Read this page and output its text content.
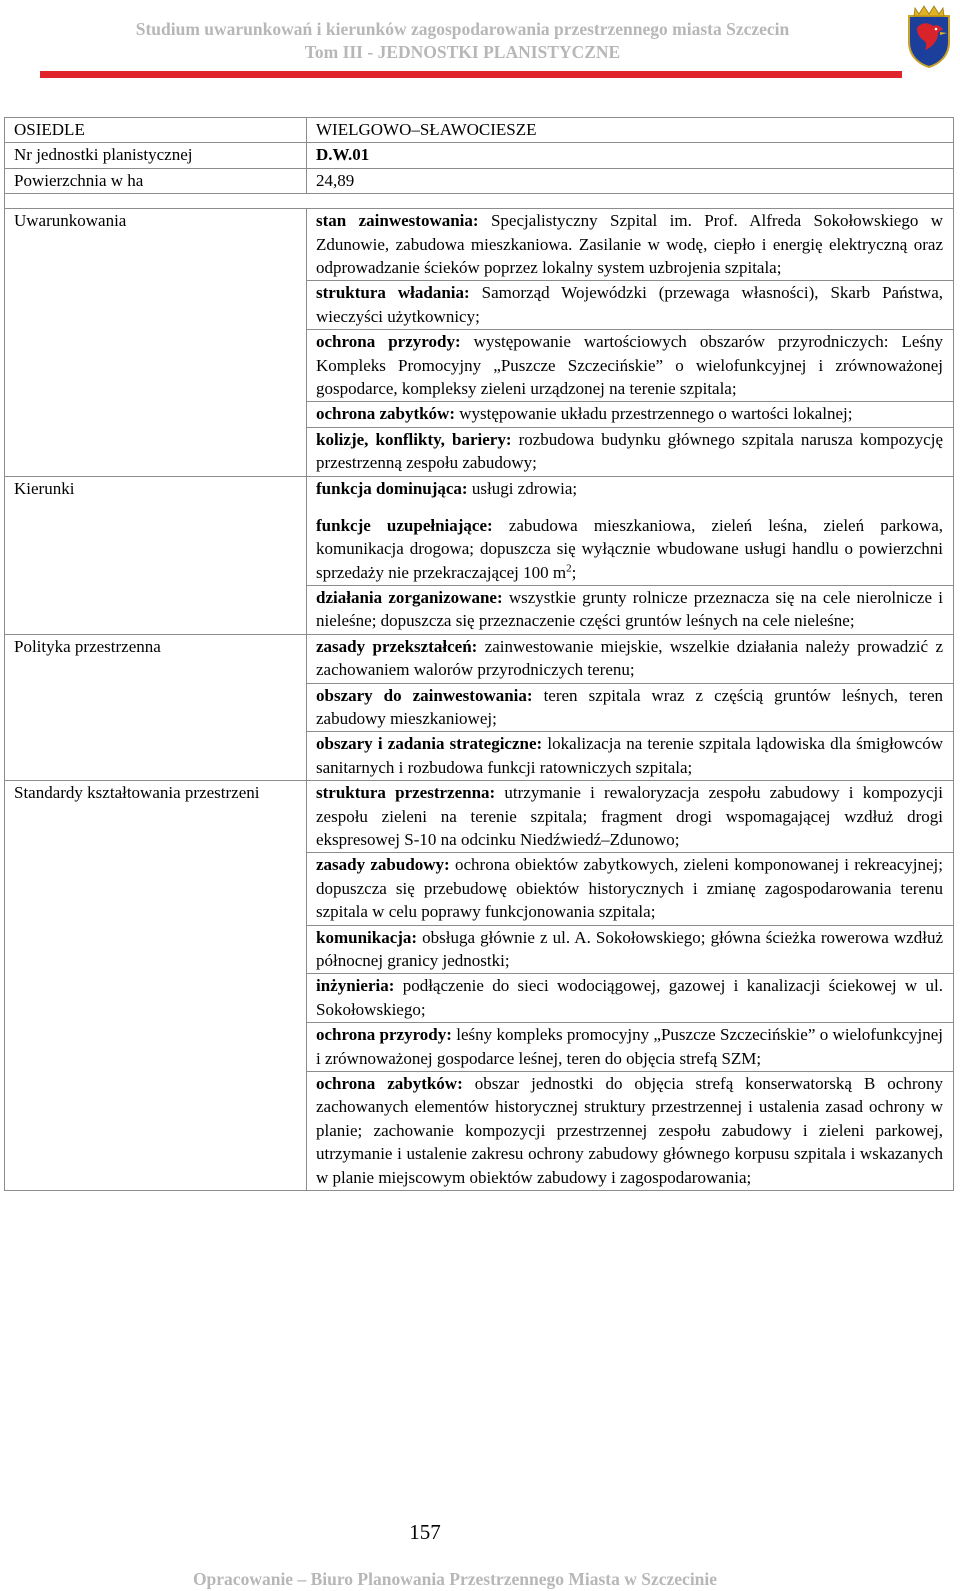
Studium uwarunkowań i kierunków zagospodarowania przestrzennego miasta Szczecin
Tom III - JEDNOSTKI PLANISTYCZNE
OSIEDLE	WIELGOWO–SŁAWOCIESZE
Nr jednostki planistycznej	D.W.01
Powierzchnia w ha	24,89

Uwarunkowania	stan zainwestowania: Specjalistyczny Szpital im. Prof. Alfreda Sokołowskiego w Zdunowie, zabudowa mieszkaniowa. Zasilanie w wodę, ciepło i energię elektryczną oraz odprowadzanie ścieków poprzez lokalny system uzbrojenia szpitala;
	struktura władania: Samorząd Wojewódzki (przewaga własności), Skarb Państwa, wieczyści użytkownicy;
	ochrona przyrody: występowanie wartościowych obszarów przyrodniczych: Leśny Kompleks Promocyjny „Puszcze Szczecińskie” o wielofunkcyjnej i zrównoważonej gospodarce, kompleksy zieleni urządzonej na terenie szpitala;
	ochrona zabytków: występowanie układu przestrzennego o wartości lokalnej;
	kolizje, konflikty, bariery: rozbudowa budynku głównego szpitala narusza kompozycję przestrzenną zespołu zabudowy;
Kierunki	funkcja dominująca: usługi zdrowia;
	funkcje uzupełniające: zabudowa mieszkaniowa, zieleń leśna, zieleń parkowa, komunikacja drogowa; dopuszcza się wyłącznie wbudowane usługi handlu o powierzchni sprzedaży nie przekraczającej 100 $m^2$;
	działania zorganizowane: wszystkie grunty rolnicze przeznacza się na cele nierolnicze i nieleśne; dopuszcza się przeznaczenie części gruntów leśnych na cele nieleśne;
Polityka przestrzenna	zasady przekształceń: zainwestowanie miejskie, wszelkie działania należy prowadzić z zachowaniem walorów przyrodniczych terenu;
	obszary do zainwestowania: teren szpitala wraz z częścią gruntów leśnych, teren zabudowy mieszkaniowej;
	obszary i zadania strategiczne: lokalizacja na terenie szpitala lądowiska dla śmigłowców sanitarnych i rozbudowa funkcji ratowniczych szpitala;
Standardy kształtowania przestrzeni	struktura przestrzenna: utrzymanie i rewaloryzacja zespołu zabudowy i kompozycji zespołu zieleni na terenie szpitala; fragment drogi wspomagającej wzdłuż drogi ekspresowej S-10 na odcinku Niedźwiedź–Zdunowo;
	zasady zabudowy: ochrona obiektów zabytkowych, zieleni komponowanej i rekreacyjnej; dopuszcza się przebudowę obiektów historycznych i zmianę zagospodarowania terenu szpitala w celu poprawy funkcjonowania szpitala;
	komunikacja: obsługa głównie z ul. A. Sokołowskiego; główna ścieżka rowerowa wzdłuż północnej granicy jednostki;
	inżynieria: podłączenie do sieci wodociągowej, gazowej i kanalizacji ściekowej w ul. Sokołowskiego;
	ochrona przyrody: leśny kompleks promocyjny „Puszcze Szczecińskie” o wielofunkcyjnej i zrównoważonej gospodarce leśnej, teren do objęcia strefą SZM;
	ochrona zabytków: obszar jednostki do objęcia strefą konserwatorską B ochrony zachowanych elementów historycznej struktury przestrzennej i ustalenia zasad ochrony w planie; zachowanie kompozycji przestrzennej zespołu zabudowy i zieleni parkowej, utrzymanie i ustalenie zakresu ochrony zabudowy głównego korpusu szpitala i wskazanych w planie miejscowym obiektów zabudowy i zagospodarowania;
157
Opracowanie – Biuro Planowania Przestrzennego Miasta w Szczecinie
